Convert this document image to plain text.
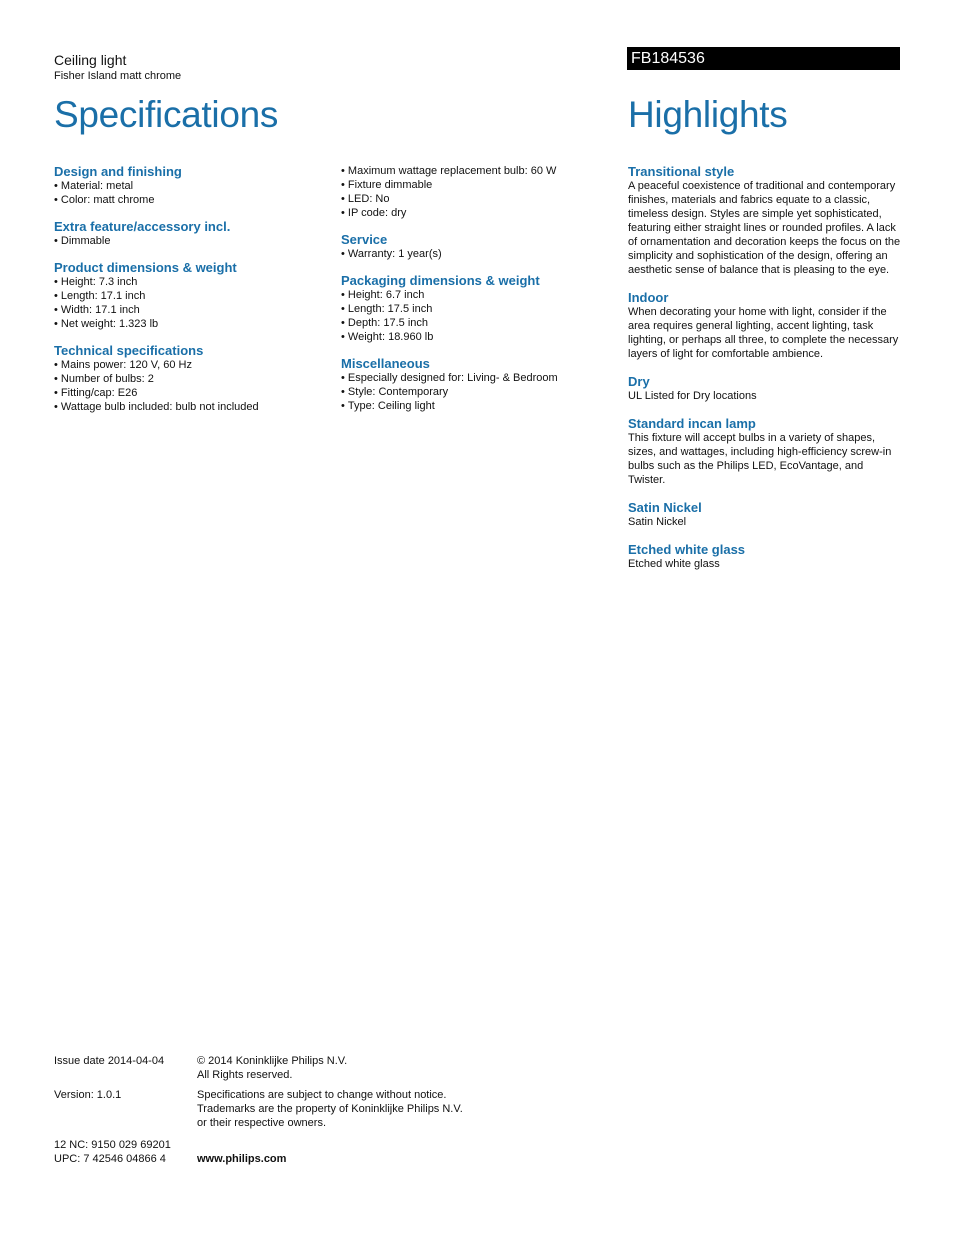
Ceiling light
Fisher Island matt chrome
FB184536
Specifications	Highlights
Design and finishing
• Material: metal
• Color: matt chrome
Extra feature/accessory incl.
• Dimmable
Product dimensions & weight
• Height: 7.3 inch
• Length: 17.1 inch
• Width: 17.1 inch
• Net weight: 1.323 lb
Technical specifications
• Mains power: 120 V, 60 Hz
• Number of bulbs: 2
• Fitting/cap: E26
• Wattage bulb included: bulb not included
• Maximum wattage replacement bulb: 60 W
• Fixture dimmable
• LED: No
• IP code: dry
Service
• Warranty: 1 year(s)
Packaging dimensions & weight
• Height: 6.7 inch
• Length: 17.5 inch
• Depth: 17.5 inch
• Weight: 18.960 lb
Miscellaneous
• Especially designed for: Living- & Bedroom
• Style: Contemporary
• Type: Ceiling light
Transitional style

A peaceful coexistence of traditional and contemporary finishes, materials and fabrics equate to a classic, timeless design. Styles are simple yet sophisticated, featuring either straight lines or rounded profiles. A lack of ornamentation and decoration keeps the focus on the simplicity and sophistication of the design, offering an aesthetic sense of balance that is pleasing to the eye.

Indoor

When decorating your home with light, consider if the area requires general lighting, accent lighting, task lighting, or perhaps all three, to complete the necessary layers of light for comfortable ambience.

Dry

UL Listed for Dry locations

Standard incan lamp

This fixture will accept bulbs in a variety of shapes, sizes, and wattages, including high-efficiency screw-in bulbs such as the Philips LED, EcoVantage, and Twister.

Satin Nickel

Satin Nickel

Etched white glass

Etched white glass

Issue date 2014-04-04	© 2014 Koninklijke Philips N.V.
All Rights reserved.
Version: 1.0.1	Specifications are subject to change without notice.
Trademarks are the property of Koninklijke Philips N.V.
or their respective owners.
12 NC: 9150 029 69201
UPC: 7 42546 04866 4	www.philips.com
